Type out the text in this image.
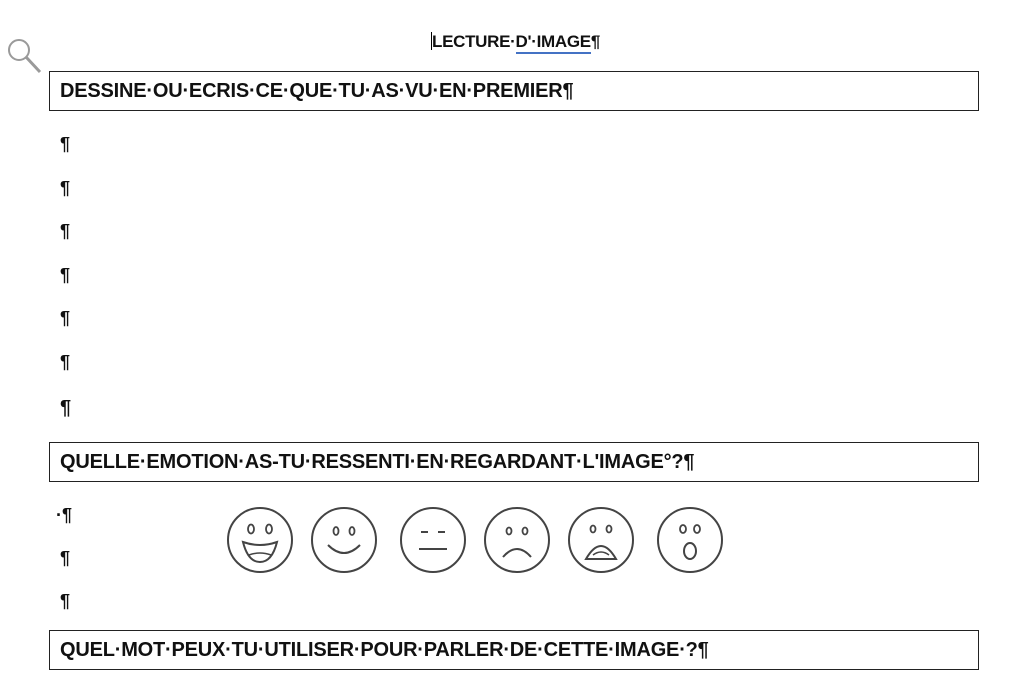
LECTURE·D'·IMAGE¶
DESSINE·OU·ECRIS·CE·QUE·TU·AS·VU·EN·PREMIER¶
¶
¶
¶
¶
¶
¶
¶
QUELLE·EMOTION·AS-TU·RESSENTI·EN·REGARDANT·L'IMAGE°?¶
·¶
¶
¶
QUEL·MOT·PEUX·TU·UTILISER·POUR·PARLER·DE·CETTE·IMAGE·?¶
